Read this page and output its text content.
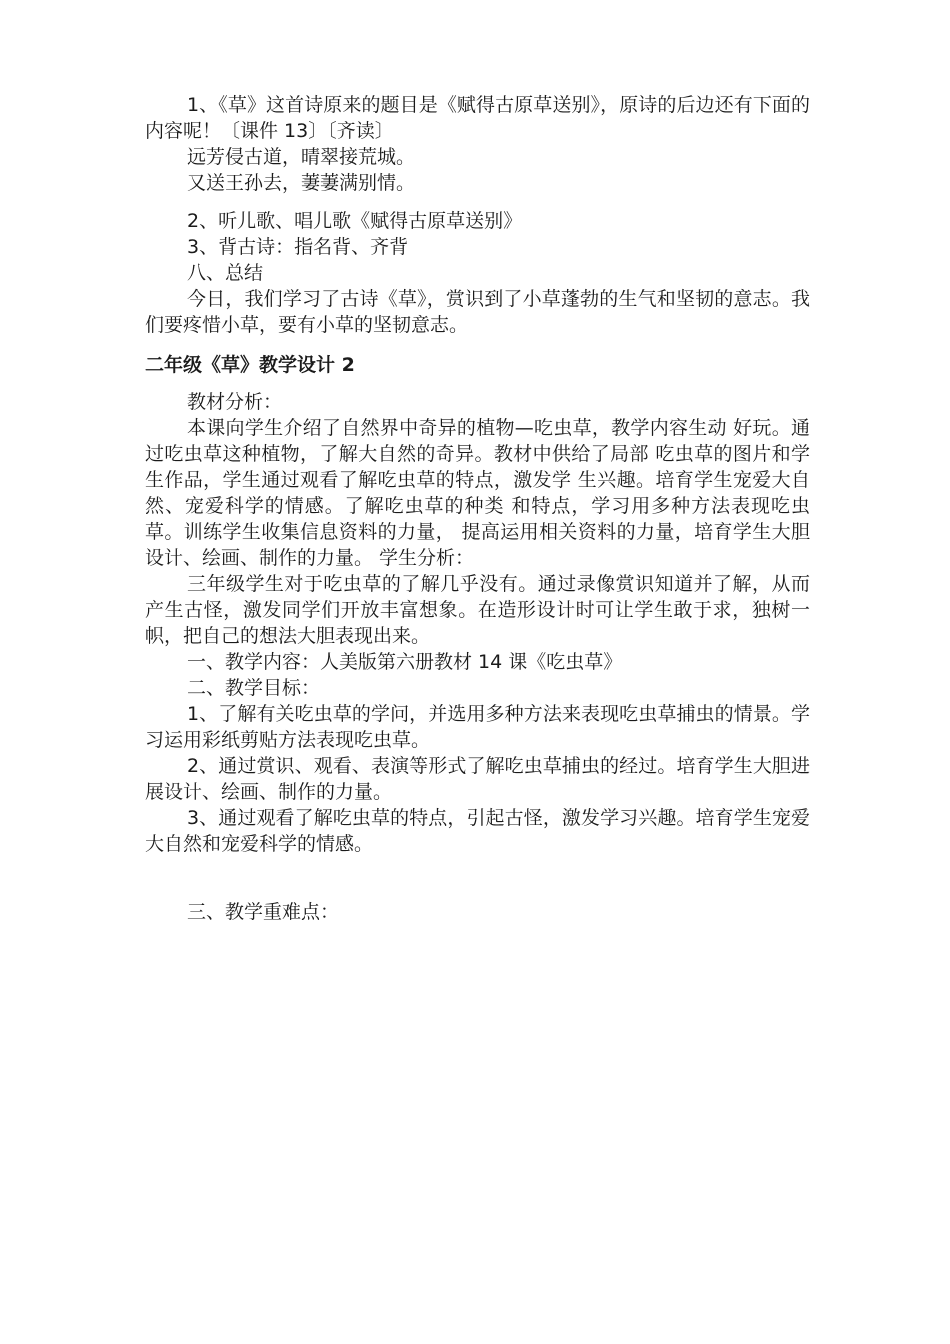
1、《草》这首诗原来的题目是《赋得古原草送别》，原诗的后边还有下面的内容呢！〔课件 13〕〔齐读〕

远芳侵古道，晴翠接荒城。

又送王孙去，萋萋满别情。

2、听儿歌、唱儿歌《赋得古原草送别》

3、背古诗：指名背、齐背

八、总结

今日，我们学习了古诗《草》，赏识到了小草蓬勃的生气和坚韧的意志。我们要疼惜小草，要有小草的坚韧意志。

二年级《草》教学设计 2

教材分析：

本课向学生介绍了自然界中奇异的植物—吃虫草，教学内容生动 好玩。通过吃虫草这种植物，了解大自然的奇异。教材中供给了局部 吃虫草的图片和学生作品，学生通过观看了解吃虫草的特点，激发学 生兴趣。培育学生宠爱大自然、宠爱科学的情感。了解吃虫草的种类 和特点，学习用多种方法表现吃虫草。训练学生收集信息资料的力量， 提高运用相关资料的力量，培育学生大胆设计、绘画、制作的力量。 学生分析：

三年级学生对于吃虫草的了解几乎没有。通过录像赏识知道并了解，从而产生古怪，激发同学们开放丰富想象。在造形设计时可让学生敢于求，独树一帜，把自己的想法大胆表现出来。

一、教学内容：人美版第六册教材 14 课《吃虫草》

二、教学目标：

1、了解有关吃虫草的学问，并选用多种方法来表现吃虫草捕虫的情景。学习运用彩纸剪贴方法表现吃虫草。

2、通过赏识、观看、表演等形式了解吃虫草捕虫的经过。培育学生大胆进展设计、绘画、制作的力量。

3、通过观看了解吃虫草的特点，引起古怪，激发学习兴趣。培育学生宠爱大自然和宠爱科学的情感。

三、教学重难点：
